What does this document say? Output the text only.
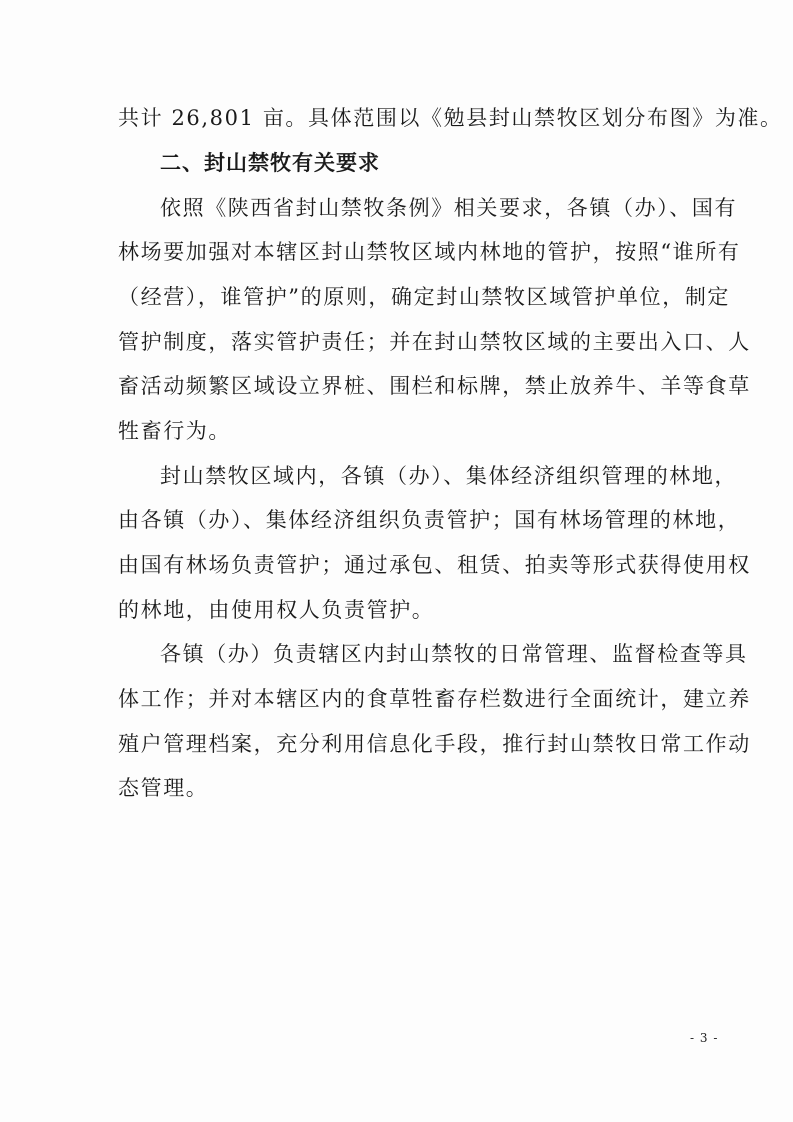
共计 26,801 亩。具体范围以《勉县封山禁牧区划分布图》为准。
二、封山禁牧有关要求
依照《陕西省封山禁牧条例》相关要求，各镇（办）、国有
林场要加强对本辖区封山禁牧区域内林地的管护，按照“谁所有
（经营），谁管护”的原则，确定封山禁牧区域管护单位，制定
管护制度，落实管护责任；并在封山禁牧区域的主要出入口、人
畜活动频繁区域设立界桩、围栏和标牌，禁止放养牛、羊等食草
牲畜行为。
封山禁牧区域内，各镇（办）、集体经济组织管理的林地，
由各镇（办）、集体经济组织负责管护；国有林场管理的林地，
由国有林场负责管护；通过承包、租赁、拍卖等形式获得使用权
的林地，由使用权人负责管护。
各镇（办）负责辖区内封山禁牧的日常管理、监督检查等具
体工作；并对本辖区内的食草牲畜存栏数进行全面统计，建立养
殖户管理档案，充分利用信息化手段，推行封山禁牧日常工作动
态管理。
- 3 -
